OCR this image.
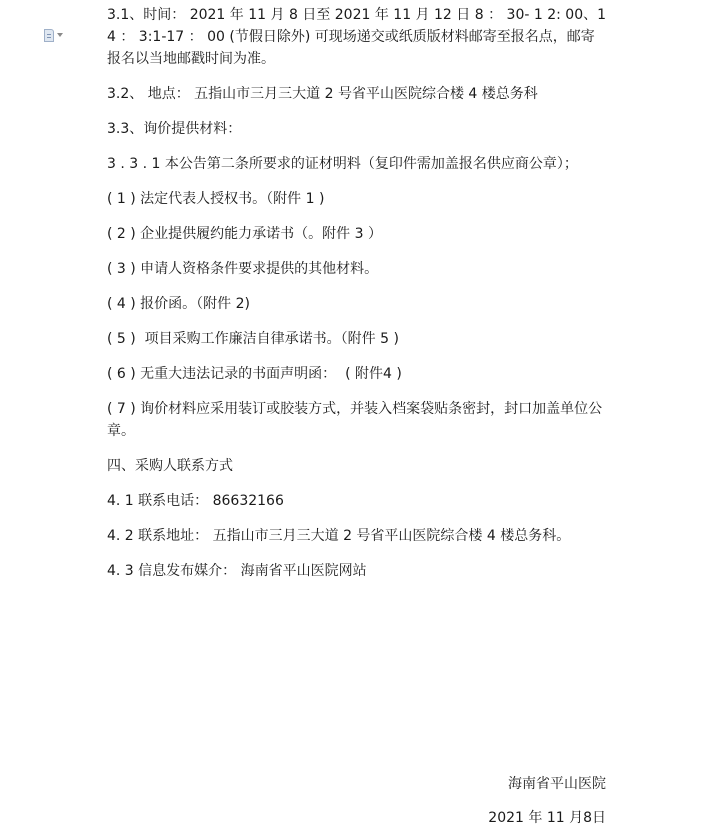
3.1、时间： 2021 年 11 月 8 日至 2021 年 11 月 12 日 8 ： 30- 1 2: 00、14 ： 3:1-17 ： 00 (节假日除外) 可现场递交或纸质版材料邮寄至报名点，邮寄报名以当地邮戳时间为准。

3.2、 地点： 五指山市三月三大道 2 号省平山医院综合楼 4 楼总务科

3.3、询价提供材料：

3 . 3 . 1 本公告第二条所要求的证材明料（复印件需加盖报名供应商公章）；

( 1 ) 法定代表人授权书。（附件 1 )

( 2 ) 企业提供履约能力承诺书（。附件 3 ）

( 3 ) 申请人资格条件要求提供的其他材料。

( 4 ) 报价函。（附件 2)

( 5 )  项目采购工作廉洁自律承诺书。（附件 5 )

( 6 ) 无重大违法记录的书面声明函：  ( 附件4 )

( 7 ) 询价材料应采用装订或胶装方式，并装入档案袋贴条密封，封口加盖单位公章。

四、采购人联系方式

4. 1 联系电话： 86632166

4. 2 联系地址： 五指山市三月三大道 2 号省平山医院综合楼 4 楼总务科。

4. 3 信息发布媒介： 海南省平山医院网站

海南省平山医院
2021 年 11 月8日
